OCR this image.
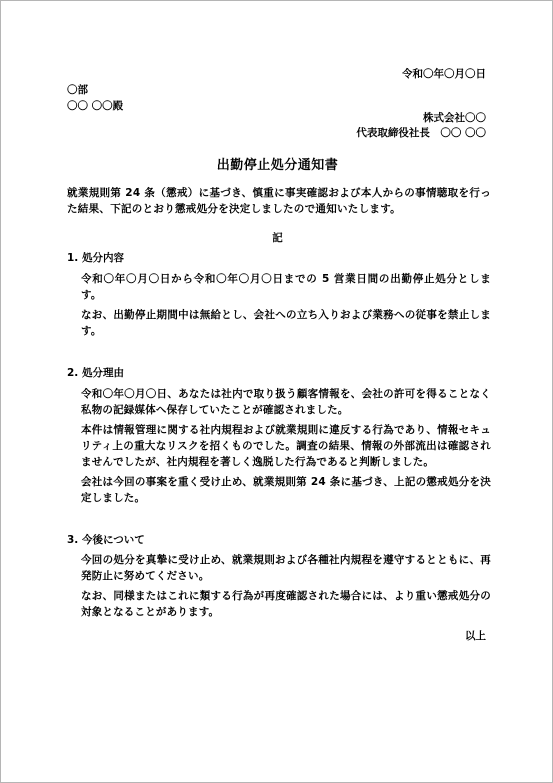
令和〇年〇月〇日
〇部
〇〇 〇〇殿
株式会社〇〇
代表取締役社長　〇〇 〇〇
出勤停止処分通知書
就業規則第 24 条（懲戒）に基づき、慎重に事実確認および本人からの事情聴取を行った結果、下記のとおり懲戒処分を決定しましたので通知いたします。
記
1. 処分内容
令和〇年〇月〇日から令和〇年〇月〇日までの 5 営業日間の出勤停止処分とします。
なお、出勤停止期間中は無給とし、会社への立ち入りおよび業務への従事を禁止します。
2. 処分理由
令和〇年〇月〇日、あなたは社内で取り扱う顧客情報を、会社の許可を得ることなく私物の記録媒体へ保存していたことが確認されました。
本件は情報管理に関する社内規程および就業規則に違反する行為であり、情報セキュリティ上の重大なリスクを招くものでした。調査の結果、情報の外部流出は確認されませんでしたが、社内規程を著しく逸脱した行為であると判断しました。
会社は今回の事案を重く受け止め、就業規則第 24 条に基づき、上記の懲戒処分を決定しました。
3. 今後について
今回の処分を真摯に受け止め、就業規則および各種社内規程を遵守するとともに、再発防止に努めてください。
なお、同様またはこれに類する行為が再度確認された場合には、より重い懲戒処分の対象となることがあります。
以上
